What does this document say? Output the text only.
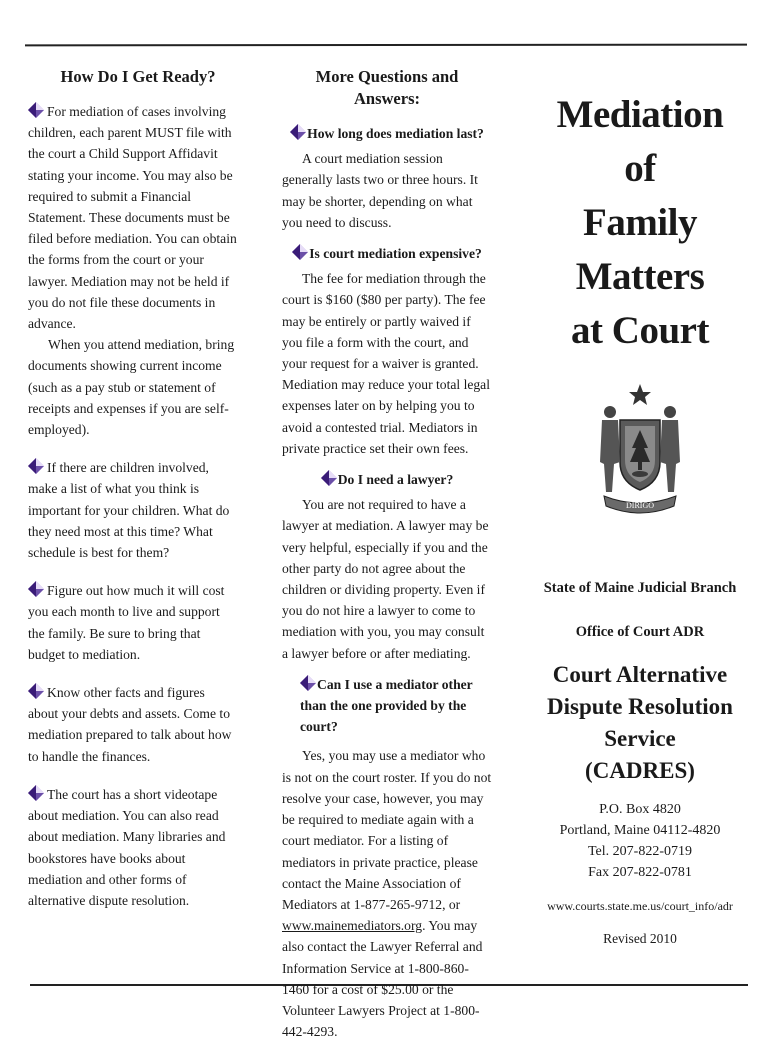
How Do I Get Ready?

For mediation of cases involving children, each parent MUST file with the court a Child Support Affidavit stating your income. You may also be required to submit a Financial Statement. These documents must be filed before mediation. You can obtain the forms from the court or your lawyer. Mediation may not be held if you do not file these documents in advance.

When you attend mediation, bring documents showing current income (such as a pay stub or statement of receipts and expenses if you are self-employed).

If there are children involved, make a list of what you think is important for your children. What do they need most at this time? What schedule is best for them?

Figure out how much it will cost you each month to live and support the family. Be sure to bring that budget to mediation.

Know other facts and figures about your debts and assets. Come to mediation prepared to talk about how to handle the finances.

The court has a short videotape about mediation. You can also read about mediation. Many libraries and bookstores have books about mediation and other forms of alternative dispute resolution.

More Questions and Answers:

How long does mediation last?

A court mediation session generally lasts two or three hours. It may be shorter, depending on what you need to discuss.

Is court mediation expensive?

The fee for mediation through the court is $160 ($80 per party). The fee may be entirely or partly waived if you file a form with the court, and your request for a waiver is granted. Mediation may reduce your total legal expenses later on by helping you to avoid a contested trial. Mediators in private practice set their own fees.

Do I need a lawyer?

You are not required to have a lawyer at mediation. A lawyer may be very helpful, especially if you and the other party do not agree about the children or dividing property. Even if you do not hire a lawyer to come to mediation with you, you may consult a lawyer before or after mediating.

Can I use a mediator other than the one provided by the court?

Yes, you may use a mediator who is not on the court roster. If you do not resolve your case, however, you may be required to mediate again with a court mediator. For a listing of mediators in private practice, please contact the Maine Association of Mediators at 1-877-265-9712, or www.mainemediators.org. You may also contact the Lawyer Referral and Information Service at 1-800-860-1460 for a cost of $25.00 or the Volunteer Lawyers Project at 1-800-442-4293.

Mediation
of
Family Matters
at Court
DIRIGO
State of Maine Judicial Branch
Office of Court ADR
Court Alternative
Dispute Resolution
Service
(CADRES)
P.O. Box 4820
Portland, Maine 04112-4820
Tel. 207-822-0719
Fax 207-822-0781
www.courts.state.me.us/court_info/adr
Revised 2010
